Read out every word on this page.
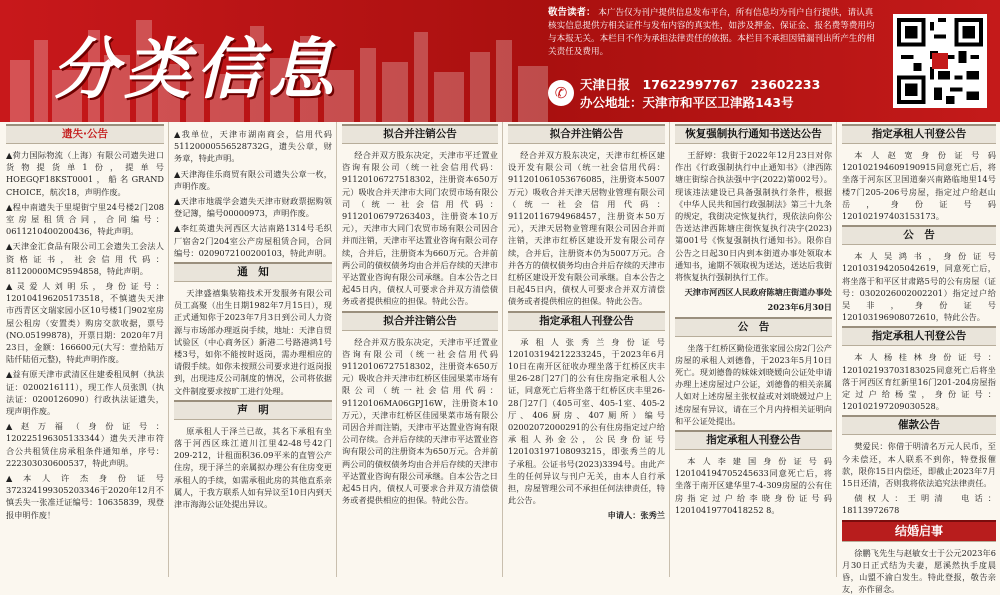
分类信息
敬告读者： 本广告仅为刊户提供信息发布平台，所有信息均为刊户自行提供，请认真核实信息提供方相关证件与发布内容的真实性，如涉及押金、保证金、报名费等费用均与本报无关。本栏目不作为承担法律责任的依据。本栏目不承担因错漏刊出所产生的相关责任及费用。
✆	天津日报　 17622997767　23602233
办公地址：天津市和平区卫津路143号
遗失·公告

▲荷力国际物流（上海）有限公司遗失进口货物提货单1份，提单号HOEGQF18KST0001，船名GRAND CHOICE，航次18，声明作废。

▲程中南遗失于里堤街宁里24号楼2门208室房屋租赁合同，合同编号：0611210400200436，特此声明。

▲天津金汇食品有限公司工会遗失工会法人资格证书，社会信用代码：81120000MC9594858，特此声明。

▲灵爱人刘明乐，身份证号：120104196205173518，不慎遗失天津市西青区文瑞家园小区10号楼1门902室房屋公租房（安置类）购房交款收据，票号(NO.05199878)，开票日期：2020年7月23日，金额：166600元(大写：壹拾陆万陆仟陆佰元整)，特此声明作废。

▲益有原天津市武清区住建委租凤舸（执法证：0200216111），现工作人员张凯（执法证：0200126090）行政执法证遗失，现声明作废。

▲赵万福（身份证号：120225196305133344）遗失天津市符合公共租赁住房承租条件通知单，序号：222303030600537，特此声明。

▲本人许杰身份证号372324199305203346于2020年12月不慎丢失一张准迁证编号：10635839，现登报申明作废！

▲我单位，天津市湖南商会，信用代码51120000556528732G，遗失公章，财务章，特此声明。

▲天津海佳乐商贸有限公司遗失公章一枚，声明作废。

▲天津市地震学会遗失天津市财政票据购领登记簿，编号00000973，声明作废。

▲李红英遗失河西区大沽南路1314号毛织厂宿舍2门204室公产房屋租赁合同，合同编号：0209072100200103，特此声明。

通　知

天津盛禧集装箱技术开发服务有限公司员工高聚（出生日期1982年7月15日），现正式通知你于2023年7月3日到公司人力资源与市场部办理返岗手续，地址：天津自贸试验区（中心商务区）新港二号路港鸿1号楼3号，如你不能按时返岗，需办理相应的请假手续。如你未按照公司要求进行返岗报到，出现违反公司制度的情况，公司将依据文件制度要求按旷工进行处理。

声　明

原承租人于泽兰已故，其名下承租有坐落于河西区珠江道川江里42-48号42门209-212，计租面积36.09平米的直管公产住房，现于泽兰的亲属拟办理公有住房变更承租人的手续，如需承租此房的其他直系亲属人，于我方联系人如有异议至10日内到天津市海海公证处提出异议。

拟合并注销公告

经合并双方股东决定，天津市平迁置业咨询有限公司（统一社会信用代码：91120106727518302，注册资本650万元）吸收合并天津市大同门农贸市场有限公司（统一社会信用代码：91120106797263403，注册资本10万元），天津市大同门农贸市场有限公司因合并而注销，天津市平达置业咨询有限公司存续，合并后，注册资本为660万元。合并前两公司的债权债务均由合并后存续的天津市平达置业咨询有限公司承继。自本公告之日起45日内，债权人可要求合并双方清偿债务或者提供相应的担保。特此公告。

拟合并注销公告

经合并双方股东决定，天津市平迁置业咨询有限公司（统一社会信用代码91120106727518302，注册资本650万元）吸收合并天津市红桥区佳园果菜市场有限公司（统一社会信用代码：91120106MA06GPJ16W，注册资本10万元），天津市红桥区佳园果菜市场有限公司因合并而注销，天津市平达置业咨询有限公司存续。合并后存续的天津市平达置业咨询有限公司的注册资本为650万元。合并前两公司的债权债务均由合并后存续的天津市平达置业咨询有限公司承继。自本公告之日起45日内，债权人可要求合并双方清偿债务或者提供相应的担保。特此公告。

拟合并注销公告

经合并双方股东决定，天津市红桥区建设开发有限公司（统一社会信用代码：911201061053676085，注册资本5007万元）吸收合并天津天居物业管理有限公司（统一社会信用代码：91120116794968457，注册资本50万元），天津天居物业管理有限公司因合并而注销，天津市红桥区建设开发有限公司存续，合并后，注册资本仍为5007万元。合并各方的债权债务均由合并后存续的天津市红桥区建设开发有限公司承继。自本公告之日起45日内，债权人可要求合并双方清偿债务或者提供相应的担保。特此公告。

指定承租人刊登公告

承租人张秀兰身份证号120103194212233245，于2023年6月10日在南开区征收办理坐落于红桥区庆丰里26-28门27门的公有住房指定承租人公证，同意死亡后将坐落于红桥区庆丰里26-28门27门（405可室、405-1室、405-2厅、406厨房、407厕所）编号02002072000291的公有住房指定过户给承租人孙金公，公民身份证号120103197108093215，即张秀兰的儿子承租。公证书号(2023)3394号。由此产生的任何异议与刊户无关，由本人自行承担，房屋管理公司不承担任何法律责任，特此公告。

申请人：张秀兰
恢复强制执行通知书送达公告

王舒婷：我街于2022年12月23日对你作出《行政强制执行中止通知书》（津西陈塘庄街综合执法强中字(2022)第002号）。现该违法建设已具备强制执行条件，根据《中华人民共和国行政强制法》第三十九条的规定，我街决定恢复执行，现依法向你公告送达津西陈塘庄街恢复执行决字(2023)第001号《恢复强制执行通知书》。限你自公告之日起30日内到本街道办事处领取本通知书，逾期不领取视为送达，送达后我街将恢复执行强制执行工作。

天津市河西区人民政府陈塘庄街道办事处
2023年6月30日
公　告

坐落于红桥区勤俭道张家园公房2门公产房屋的承租人刘德鲁，于2023年5月10日死亡。现刘德鲁的妹妹刘晓媛向公证处申请办理上述房屋过户公证，刘德鲁的相关亲属人如对上述房屋主张权益或对刘晓媛过户上述房屋有异议，请在三个月内持相关证明向和平公证处提出。

指定承租人刊登公告

本人李建国身份证号码120104194705245633同意死亡后，将坐落于南开区建华里7-4-309房屋的公有住房指定过户给李晓身份证号码12010419770418252 8。

指定承租人刊登公告

本人赵宽身份证号码120102194609190915同意死亡后，将坐落于河东区卫国道秦兴南路临地里14号楼7门205-206号房屋，指定过户给赵山岳，身份证号码120102197403153173。

公　告

本人吴鸿书，身份证号120103194205042619，同意死亡后，将坐落于和平区甘肃路5号的公有房屋（证号：0302026002002201）指定过户给吴非，身份证号120103196908072610，特此公告。

指定承租人刊登公告

本人杨桂林身份证号：120102193703183025同意死亡后将坐落于河西区育红新里16门201-204房屋指定过户给杨莹，身份证号：120102197209030528。

催款公告

樊爱民：你借于明清名万元人民币，至今未偿还，本人联系不到你，特登报催款，限你15日内偿还，即截止2023年7月15日还清，否则我将依法追究法律责任。

债权人：王明清　电话：18113972678

结婚启事

徐鹏飞先生与赵敏女士于公元2023年6月30日正式结为夫妻，愿溪然执手度晨昏，山盟不渝白发生。特此登报，敬告亲友，亦作留念。
